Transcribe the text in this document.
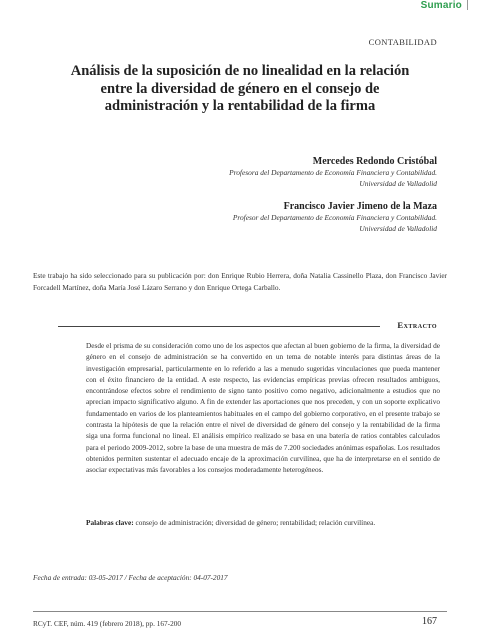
Sumario
CONTABILIDAD
Análisis de la suposición de no linealidad en la relación entre la diversidad de género en el consejo de administración y la rentabilidad de la firma
Mercedes Redondo Cristóbal
Profesora del Departamento de Economía Financiera y Contabilidad.
Universidad de Valladolid
Francisco Javier Jimeno de la Maza
Profesor del Departamento de Economía Financiera y Contabilidad.
Universidad de Valladolid

Este trabajo ha sido seleccionado para su publicación por: don Enrique Rubio Herrera, doña Natalia Cassinello Plaza, don Francisco Javier Forcadell Martínez, doña María José Lázaro Serrano y don Enrique Ortega Carballo.

Extracto

Desde el prisma de su consideración como uno de los aspectos que afectan al buen gobierno de la firma, la diversidad de género en el consejo de administración se ha convertido en un tema de notable interés para distintas áreas de la investigación empresarial, particularmente en lo referido a las a menudo sugeridas vinculaciones que pueda mantener con el éxito financiero de la entidad. A este respecto, las evidencias empíricas previas ofrecen resultados ambiguos, encontrándose efectos sobre el rendimiento de signo tanto positivo como negativo, adicionalmente a estudios que no aprecian impacto significativo alguno. A fin de extender las aportaciones que nos preceden, y con un soporte explicativo fundamentado en varios de los planteamientos habituales en el campo del gobierno corporativo, en el presente trabajo se contrasta la hipótesis de que la relación entre el nivel de diversidad de género del consejo y la rentabilidad de la firma siga una forma funcional no lineal. El análisis empírico realizado se basa en una batería de ratios contables calculados para el periodo 2009-2012, sobre la base de una muestra de más de 7.200 sociedades anónimas españolas. Los resultados obtenidos permiten sustentar el adecuado encaje de la aproximación curvilínea, que ha de interpretarse en el sentido de asociar expectativas más favorables a los consejos moderadamente heterogéneos.

Palabras clave: consejo de administración; diversidad de género; rentabilidad; relación curvilínea.
Fecha de entrada: 03-05-2017 / Fecha de aceptación: 04-07-2017
RCyT. CEF, núm. 419 (febrero 2018), pp. 167-200	167
